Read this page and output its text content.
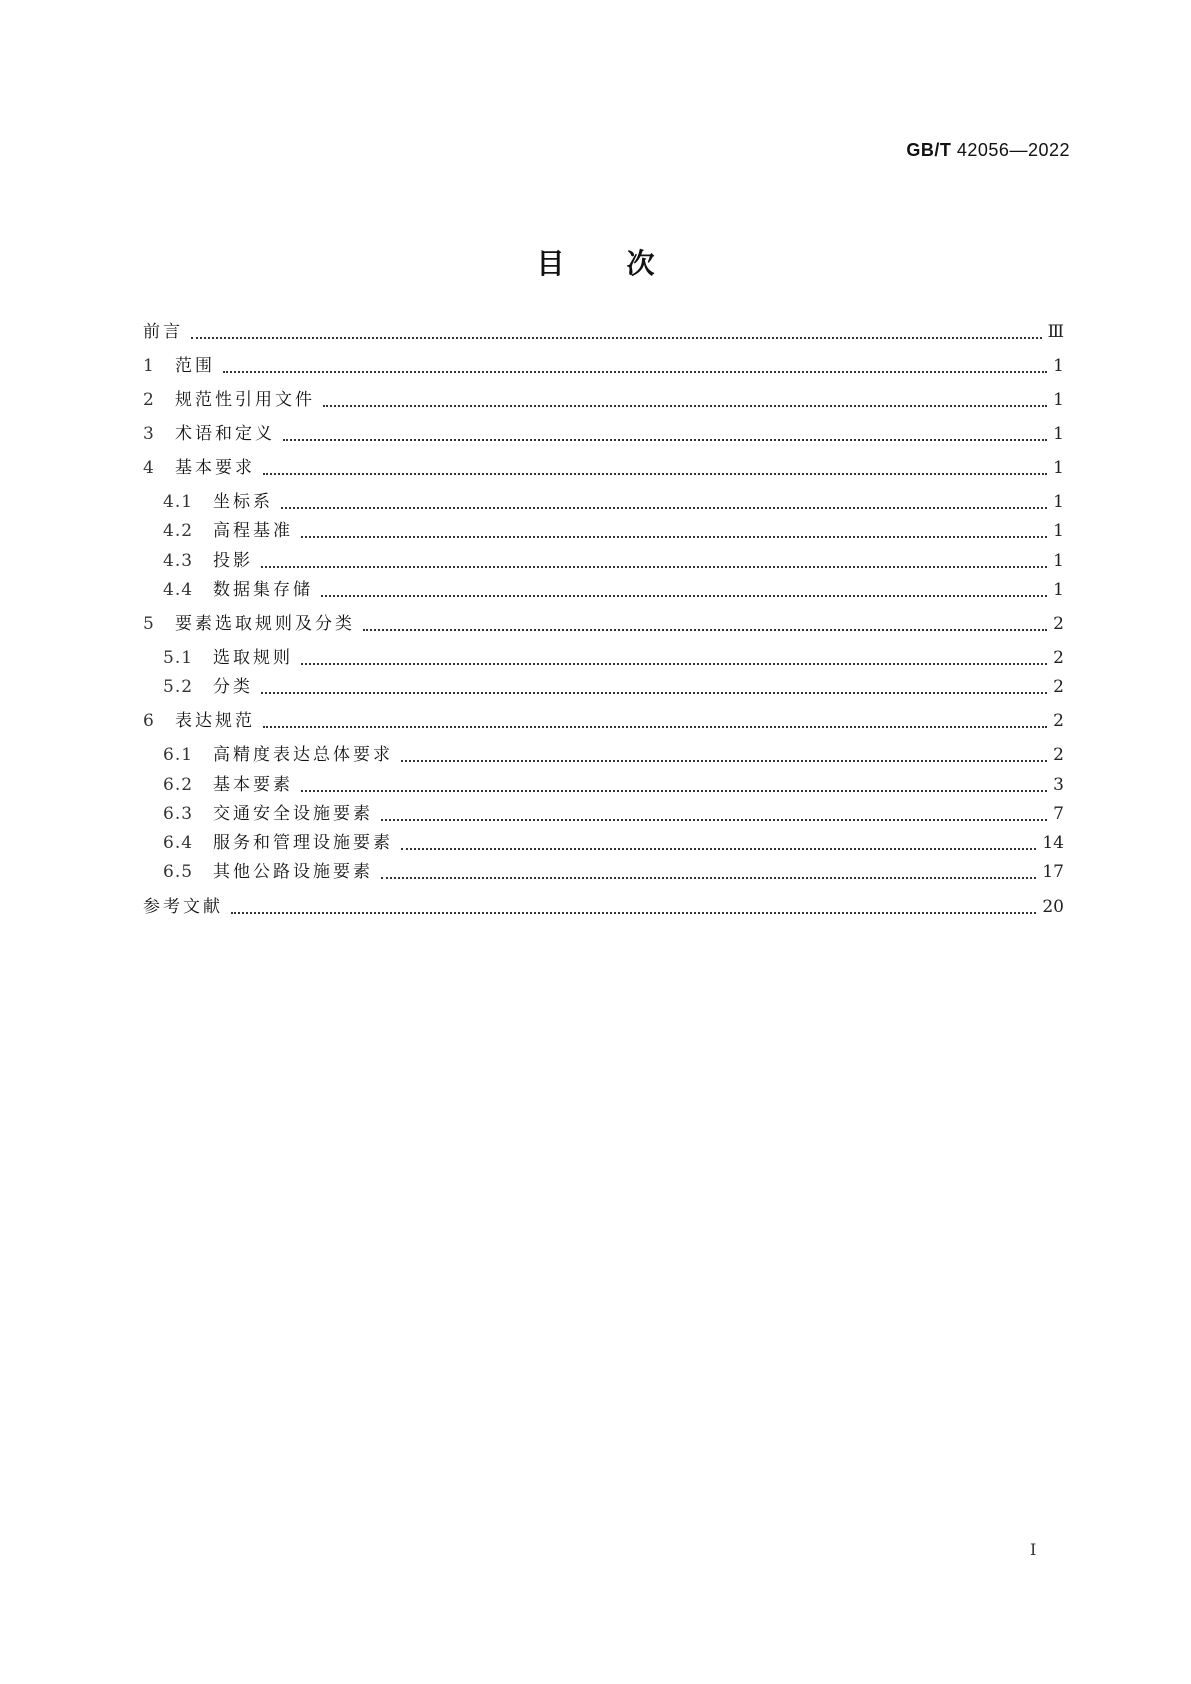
GB/T 42056—2022
目次
前言	Ⅲ
1	范围	1
2	规范性引用文件	1
3	术语和定义	1
4	基本要求	1
4.1	坐标系	1
4.2	高程基准	1
4.3	投影	1
4.4	数据集存储	1
5	要素选取规则及分类	2
5.1	选取规则	2
5.2	分类	2
6	表达规范	2
6.1	高精度表达总体要求	2
6.2	基本要素	3
6.3	交通安全设施要素	7
6.4	服务和管理设施要素	14
6.5	其他公路设施要素	17
参考文献	20
Ⅰ
